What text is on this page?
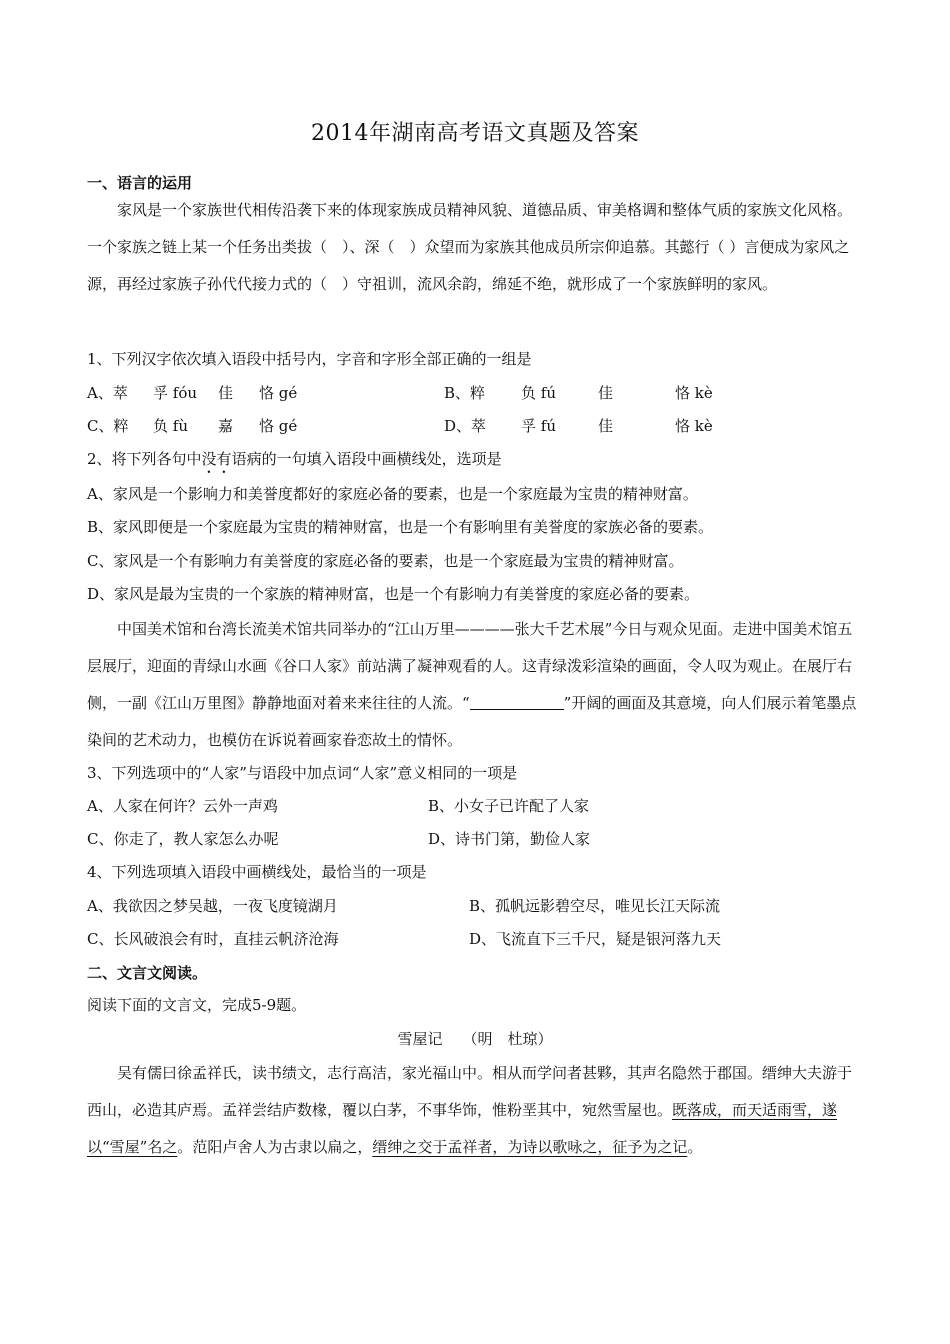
2014年湖南高考语文真题及答案
一、语言的运用

家风是一个家族世代相传沿袭下来的体现家族成员精神风貌、道德品质、审美格调和整体气质的家族文化风格。一个家族之链上某一个任务出类拔（　）、深（　）众望而为家族其他成员所宗仰追慕。其懿行（ ）言便成为家风之源，再经过家族子孙代代接力式的（　）守祖训，流风余韵，绵延不绝，就形成了一个家族鲜明的家风。

1、下列汉字依次填入语段中括号内，字音和字形全部正确的一组是
A、萃 孚 fóu 佳 恪 gé	B、粹 负 fú	佳	恪 kè
C、粹 负 fù 嘉 恪 gé	D、萃 孚 fú	佳	恪 kè
2、将下列各句中没有语病的一句填入语段中画横线处，选项是
A、家风是一个影响力和美誉度都好的家庭必备的要素，也是一个家庭最为宝贵的精神财富。
B、家风即便是一个家庭最为宝贵的精神财富，也是一个有影响里有美誉度的家族必备的要素。
C、家风是一个有影响力有美誉度的家庭必备的要素，也是一个家庭最为宝贵的精神财富。
D、家风是最为宝贵的一个家族的精神财富，也是一个有影响力有美誉度的家庭必备的要素。

中国美术馆和台湾长流美术馆共同举办的“江山万里————张大千艺术展”今日与观众见面。走进中国美术馆五层展厅，迎面的青绿山水画《谷口人家》前站满了凝神观看的人。这青绿泼彩渲染的画面，令人叹为观止。在展厅右侧，一副《江山万里图》静静地面对着来来往往的人流。“	”开阔的画面及其意境，向人们展示着笔墨点染间的艺术动力，也模仿在诉说着画家眷恋故土的情怀。

3、下列选项中的“人家”与语段中加点词“人家”意义相同的一项是
A、人家在何许？云外一声鸡	B、小女子已许配了人家
C、你走了，教人家怎么办呢	D、诗书门第，勤俭人家
4、下列选项填入语段中画横线处，最恰当的一项是
A、我欲因之梦吴越，一夜飞度镜湖月	B、孤帆远影碧空尽，唯见长江天际流
C、长风破浪会有时，直挂云帆济沧海	D、飞流直下三千尺，疑是银河落九天
二、文言文阅读。
阅读下面的文言文，完成5-9题。
雪屋记 （明　杜琼）

吴有儒曰徐孟祥氏，读书绩文，志行高洁，家光福山中。相从而学问者甚夥，其声名隐然于郡国。缙绅大夫游于西山，必造其庐焉。孟祥尝结庐数椽，覆以白茅，不事华饰，惟粉垩其中，宛然雪屋也。既落成，而天适雨雪，遂以“雪屋”名之。范阳卢舍人为古隶以扁之，缙绅之交于孟祥者，为诗以歌咏之，征予为之记。
